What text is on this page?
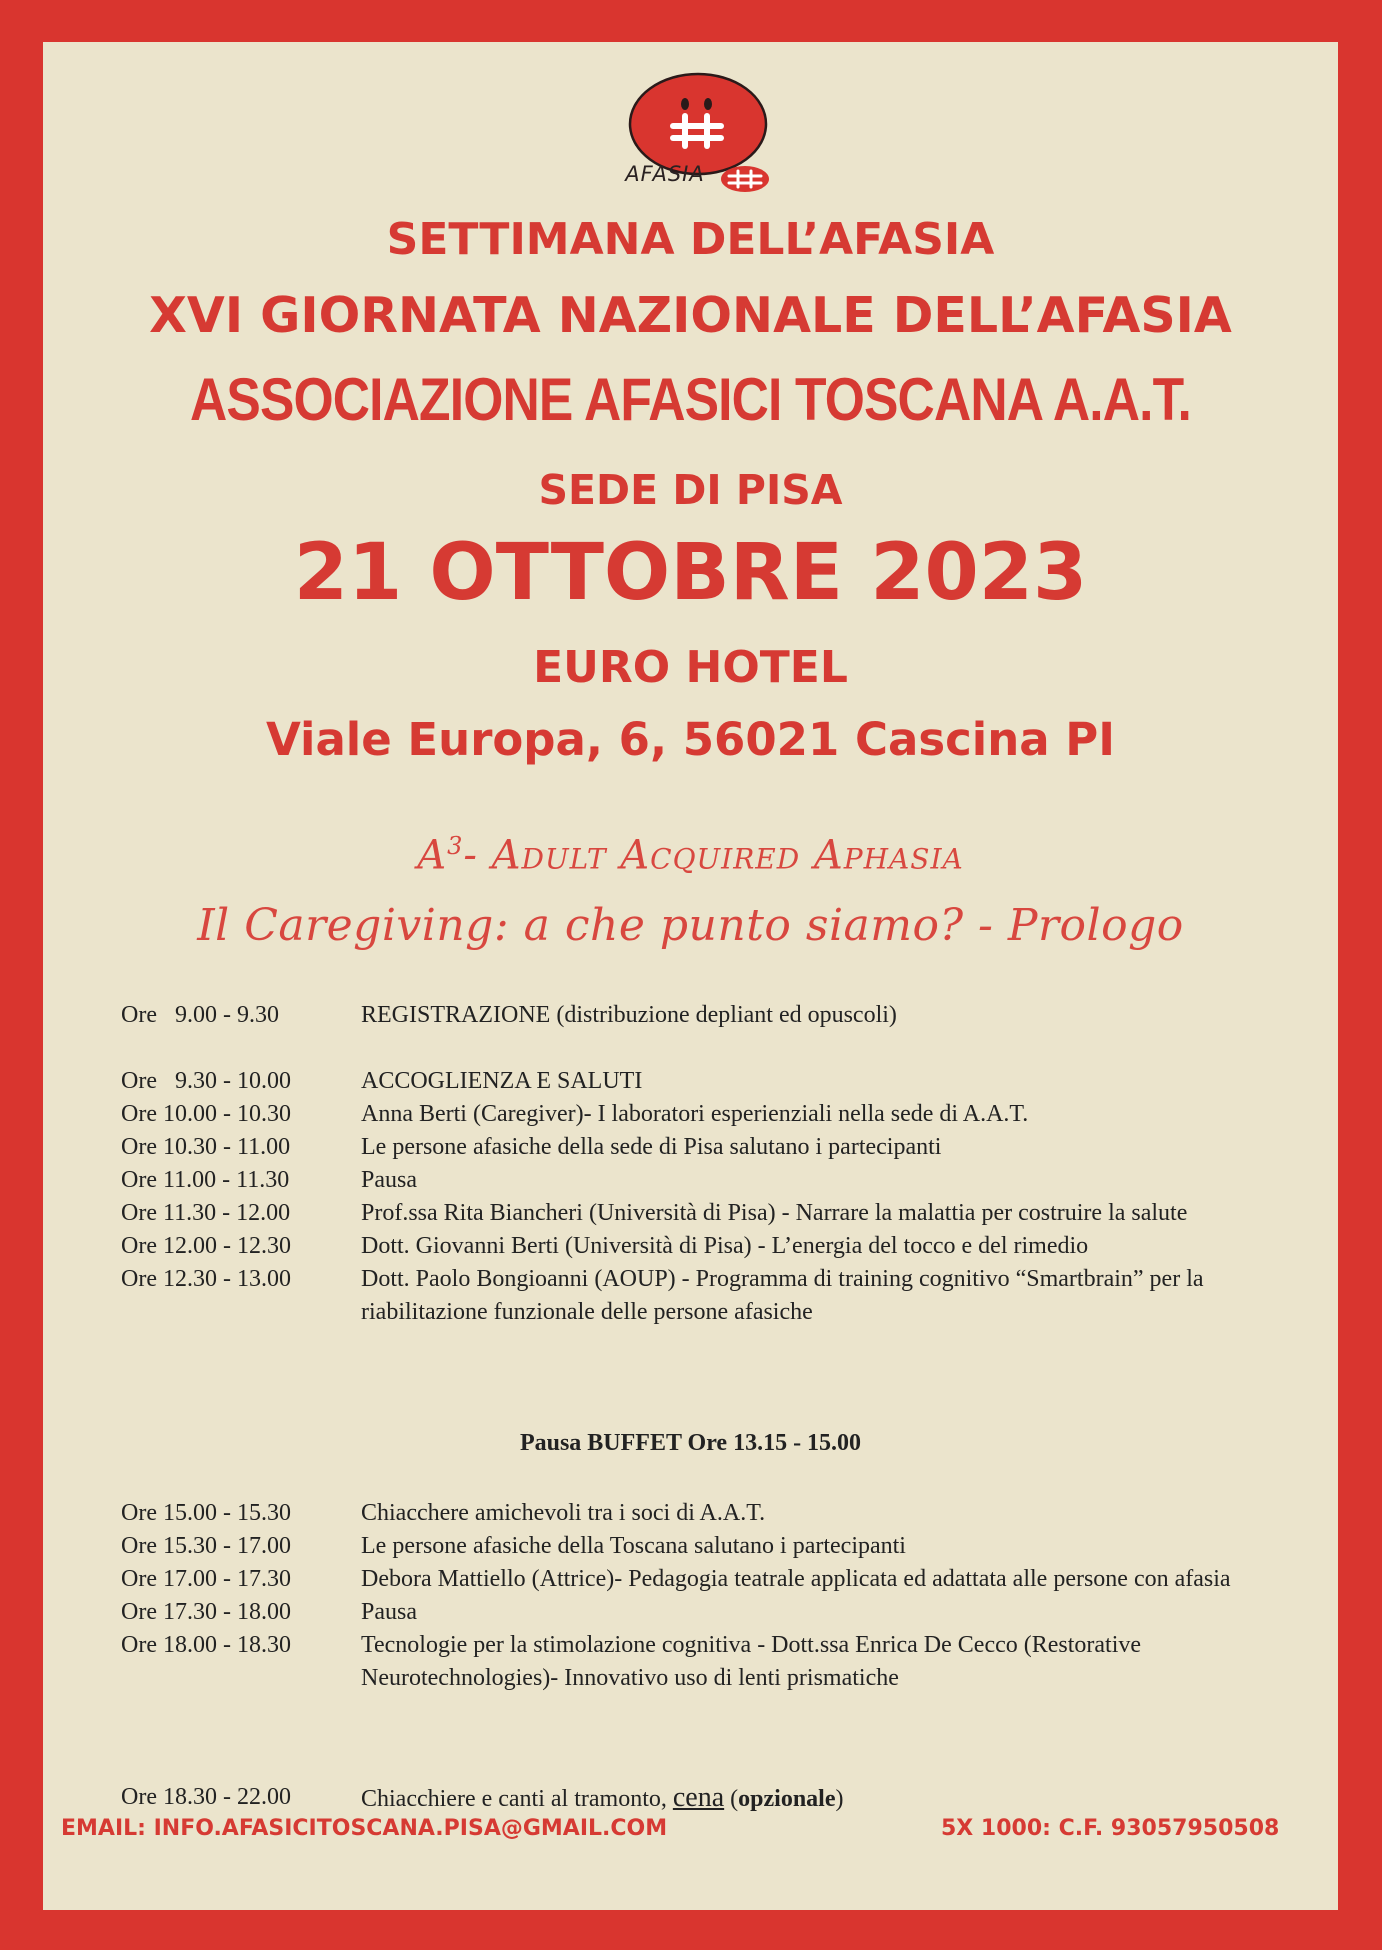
AFASIA
SETTIMANA DELL’AFASIA
XVI GIORNATA NAZIONALE DELL’AFASIA
ASSOCIAZIONE AFASICI TOSCANA A.A.T.
SEDE DI PISA
21 OTTOBRE 2023
EURO HOTEL
Viale Europa, 6, 56021 Cascina PI
$A^3-$ Adult Acquired Aphasia
Il Caregiving: a che punto siamo? - Prologo
Ore   9.00 - 9.30	REGISTRAZIONE (distribuzione depliant ed opuscoli)
Ore   9.30 - 10.00	ACCOGLIENZA E SALUTI
Ore 10.00 - 10.30	Anna Berti (Caregiver)- I laboratori esperienziali nella sede di A.A.T.
Ore 10.30 - 11.00	Le persone afasiche della sede di Pisa salutano i partecipanti
Ore 11.00 - 11.30	Pausa
Ore 11.30 - 12.00	Prof.ssa Rita Biancheri (Università di Pisa) - Narrare la malattia per costruire la salute
Ore 12.00 - 12.30	Dott. Giovanni Berti (Università di Pisa) - L’energia del tocco e del rimedio
Ore 12.30 - 13.00	Dott. Paolo Bongioanni (AOUP) - Programma di training cognitivo “Smartbrain” per la riabilitazione funzionale delle persone afasiche
Pausa BUFFET Ore 13.15 - 15.00
Ore 15.00 - 15.30	Chiacchere amichevoli tra i soci di A.A.T.
Ore 15.30 - 17.00	Le persone afasiche della Toscana salutano i partecipanti
Ore 17.00 - 17.30	Debora Mattiello (Attrice)- Pedagogia teatrale applicata ed adattata alle persone con afasia
Ore 17.30 - 18.00	Pausa
Ore 18.00 - 18.30	Tecnologie per la stimolazione cognitiva - Dott.ssa Enrica De Cecco (Restorative Neurotechnologies)- Innovativo uso di lenti prismatiche
Ore 18.30 - 22.00	Chiacchiere e canti al tramonto, cena (opzionale)
EMAIL: INFO.AFASICITOSCANA.PISA@GMAIL.COM	5X 1000: C.F. 93057950508
